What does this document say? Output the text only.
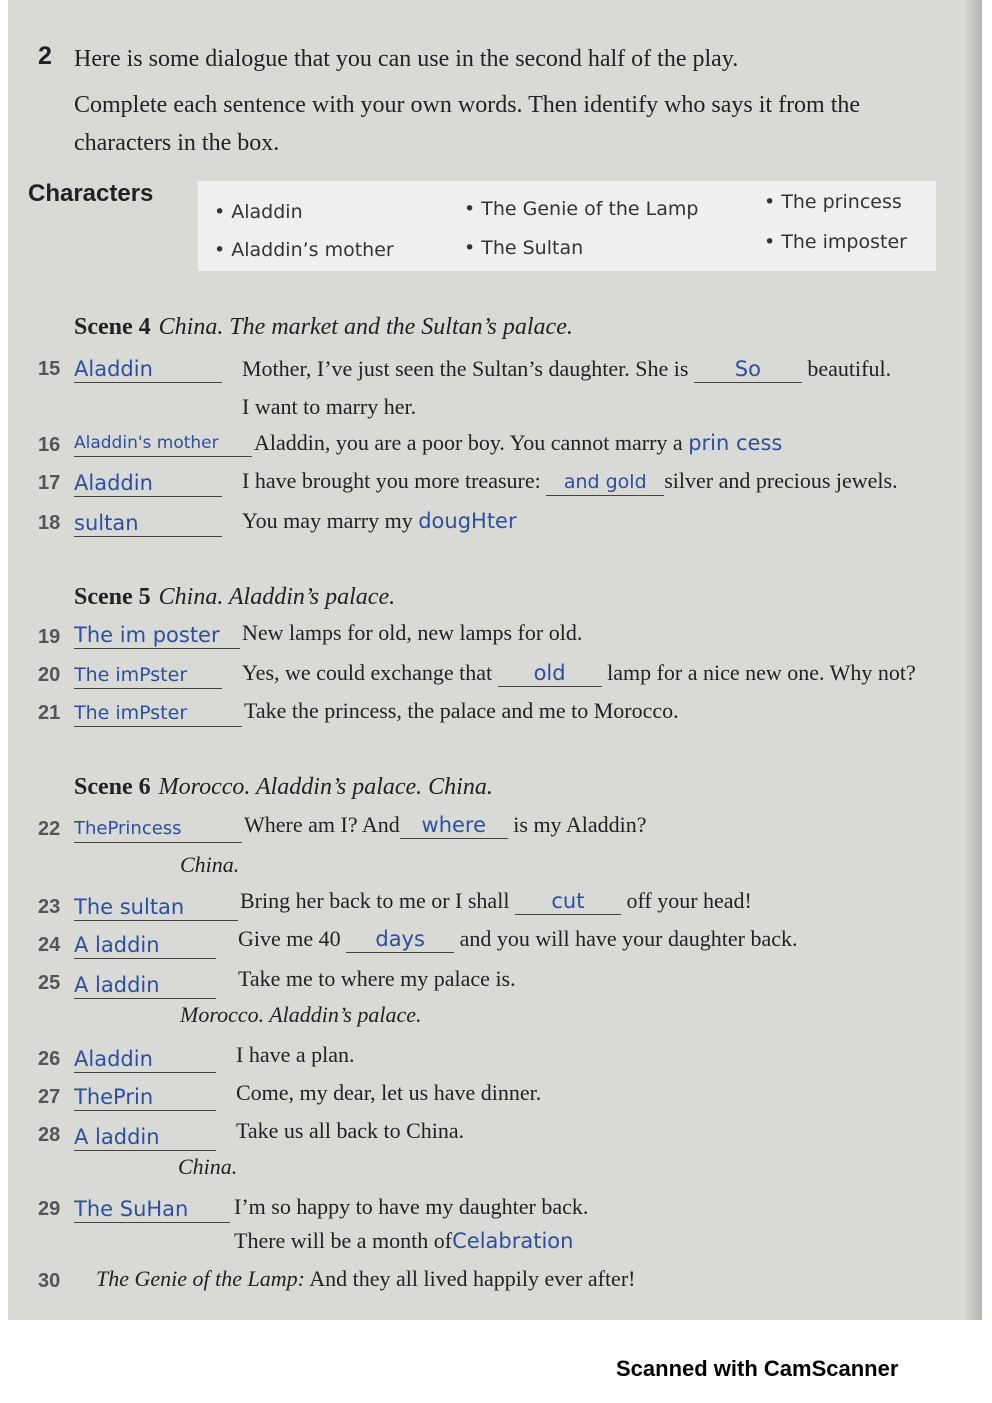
2 Here is some dialogue that you can use in the second half of the play.
Complete each sentence with your own words. Then identify who says it from the
characters in the box.
Characters
• Aladdin	• The Genie of the Lamp	• The princess
• Aladdin’s mother	• The Sultan	• The imposter
Scene 4 China. The market and the Sultan’s palace.
15 Aladdin	Mother, I’ve just seen the Sultan’s daughter. She is So beautiful.
I want to marry her.
16 Aladdin's mother	Aladdin, you are a poor boy. You cannot marry a prin cess
17 Aladdin	I have brought you more treasure: and gold silver and precious jewels.
18 sultan	You may marry my dougHter
Scene 5 China. Aladdin’s palace.
19 The im poster	New lamps for old, new lamps for old.
20 The imPster	Yes, we could exchange that old lamp for a nice new one. Why not?
21 The imPster	Take the princess, the palace and me to Morocco.
Scene 6 Morocco. Aladdin’s palace. China.
22 ThePrincess	Where am I? And where is my Aladdin?
China.
23 The sultan	Bring her back to me or I shall cut off your head!
24 A laddin	Give me 40 days and you will have your daughter back.
25 A laddin	Take me to where my palace is.
Morocco. Aladdin’s palace.
26 Aladdin	I have a plan.
27 ThePrin	Come, my dear, let us have dinner.
28 A laddin	Take us all back to China.
China.
29 The SuHan	I’m so happy to have my daughter back.
There will be a month ofCelabration
30 The Genie of the Lamp: And they all lived happily ever after!
Scanned with CamScanner
